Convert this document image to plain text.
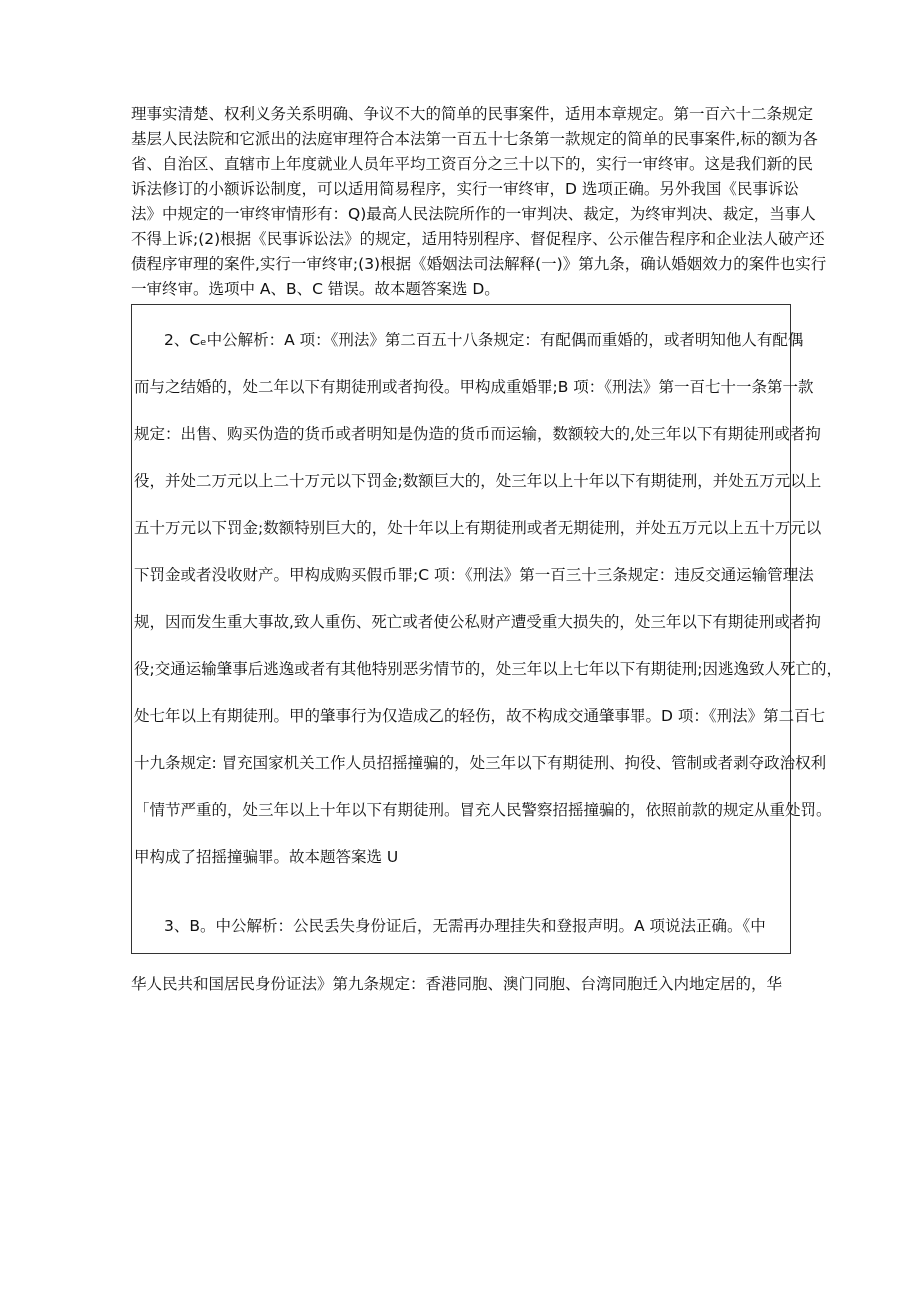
理事实清楚、权利义务关系明确、争议不大的简单的民事案件，适用本章规定。第一百六十二条规定
基层人民法院和它派出的法庭审理符合本法第一百五十七条第一款规定的简单的民事案件,标的额为各
省、自治区、直辖市上年度就业人员年平均工资百分之三十以下的，实行一审终审。这是我们新的民
诉法修订的小额诉讼制度，可以适用简易程序，实行一审终审，D 选项正确。另外我国《民事诉讼
法》中规定的一审终审情形有：Q)最高人民法院所作的一审判决、裁定，为终审判决、裁定，当事人
不得上诉;(2)根据《民事诉讼法》的规定，适用特别程序、督促程序、公示催告程序和企业法人破产还
债程序审理的案件,实行一审终审;(3)根据《婚姻法司法解释(一)》第九条，确认婚姻效力的案件也实行
一审终审。选项中 A、B、C 错误。故本题答案选 D。
2、Cₑ中公解析：A 项：《刑法》第二百五十八条规定：有配偶而重婚的，或者明知他人有配偶
而与之结婚的，处二年以下有期徒刑或者拘役。甲构成重婚罪;B 项：《刑法》第一百七十一条第一款
规定：出售、购买伪造的货币或者明知是伪造的货币而运输，数额较大的,处三年以下有期徒刑或者拘
役，并处二万元以上二十万元以下罚金;数额巨大的，处三年以上十年以下有期徒刑，并处五万元以上
五十万元以下罚金;数额特别巨大的，处十年以上有期徒刑或者无期徒刑，并处五万元以上五十万元以
下罚金或者没收财产。甲构成购买假币罪;C 项：《刑法》第一百三十三条规定：违反交通运输管理法
规，因而发生重大事故,致人重伤、死亡或者使公私财产遭受重大损失的，处三年以下有期徒刑或者拘
役;交通运输肇事后逃逸或者有其他特别恶劣情节的，处三年以上七年以下有期徒刑;因逃逸致人死亡的，
处七年以上有期徒刑。甲的肇事行为仅造成乙的轻伤，故不构成交通肇事罪。D 项：《刑法》第二百七
十九条规定: 冒充国家机关工作人员招摇撞骗的，处三年以下有期徒刑、拘役、管制或者剥夺政治权利
「情节严重的，处三年以上十年以下有期徒刑。冒充人民警察招摇撞骗的，依照前款的规定从重处罚。
甲构成了招摇撞骗罪。故本题答案选 U
3、B。中公解析：公民丢失身份证后，无需再办理挂失和登报声明。A 项说法正确。《中
华人民共和国居民身份证法》第九条规定：香港同胞、澳门同胞、台湾同胞迁入内地定居的，华
